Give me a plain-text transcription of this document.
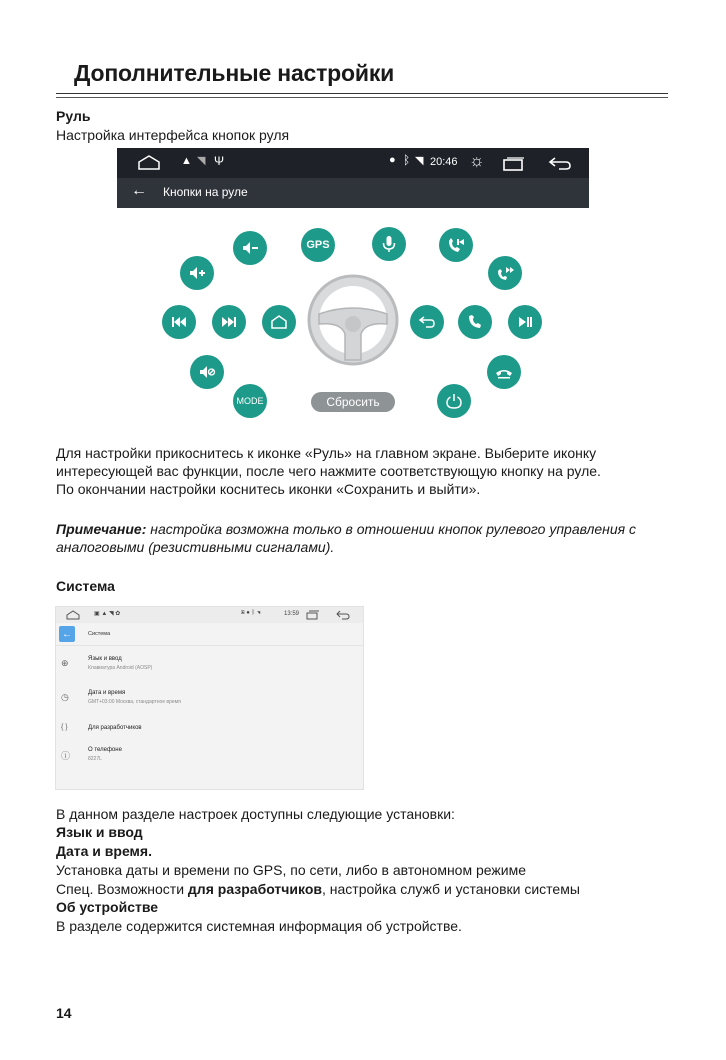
Дополнительные настройки
Руль
Настройка интерфейса кнопок руля
▲ ◥ Ψ	● ᛒ ◥ 20:46 ☼
← Кнопки на руле
GPS
MODE	Сбросить
Для настройки прикоснитесь к иконке «Руль» на главном экране. Выберите иконку
интересующей вас функции, после чего нажмите соответствующую кнопку на руле.
По окончании настройки коснитесь иконки «Сохранить и выйти».
Примечание: настройка возможна только в отношении кнопок рулевого управления с
аналоговыми (резистивными сигналами).
Система
▣ ▲ ◥ ✿	▣ ● ᛒ ◥	13:59
←	Система
⊕	Язык и ввод
Клавиатура Android (AOSP)
◷	Дата и время
GMT+03:00 Москва, стандартное время
{ }	Для разработчиков
ⓘ
О телефоне
8227L
В данном разделе настроек доступны следующие установки:
Язык и ввод
Дата и время.
Установка даты и времени по GPS, по сети, либо в автономном режиме
Спец. Возможности для разработчиков, настройка служб и установки системы
Об устройстве
В разделе содержится системная информация об устройстве.
14
